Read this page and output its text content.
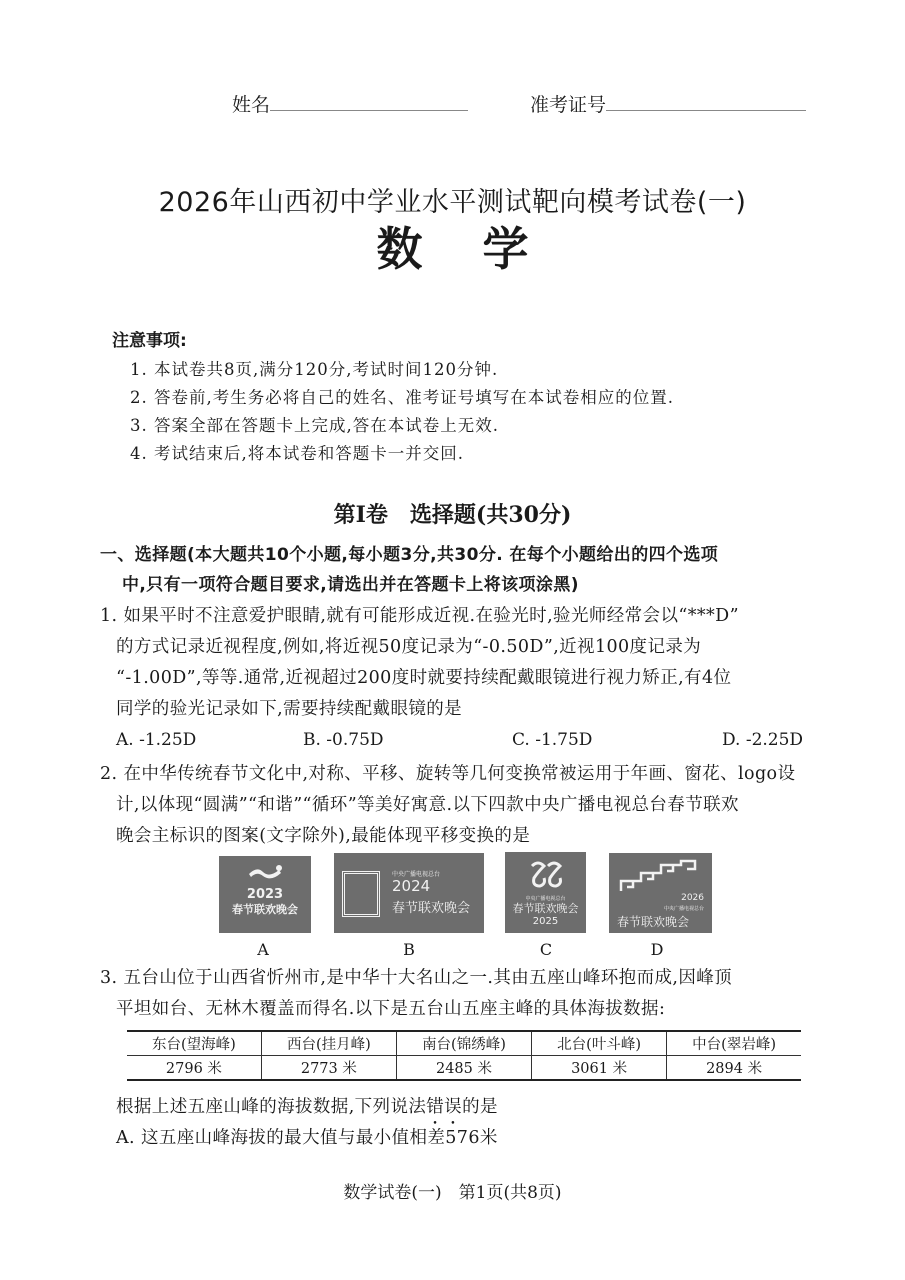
姓名	准考证号
2026年山西初中学业水平测试靶向模考试卷(一)
数学
注意事项:
1. 本试卷共8页,满分120分,考试时间120分钟.
2. 答卷前,考生务必将自己的姓名、准考证号填写在本试卷相应的位置.
3. 答案全部在答题卡上完成,答在本试卷上无效.
4. 考试结束后,将本试卷和答题卡一并交回.
第Ⅰ卷　选择题(共30分)
一、选择题(本大题共10个小题,每小题3分,共30分. 在每个小题给出的四个选项
中,只有一项符合题目要求,请选出并在答题卡上将该项涂黑)
1. 如果平时不注意爱护眼睛,就有可能形成近视.在验光时,验光师经常会以“***D”
的方式记录近视程度,例如,将近视50度记录为“-0.50D”,近视100度记录为
“-1.00D”,等等.通常,近视超过200度时就要持续配戴眼镜进行视力矫正,有4位
同学的验光记录如下,需要持续配戴眼镜的是
A. -1.25D	B. -0.75D	C. -1.75D	D. -2.25D
2. 在中华传统春节文化中,对称、平移、旋转等几何变换常被运用于年画、窗花、logo设
计,以体现“圆满”“和谐”“循环”等美好寓意.以下四款中央广播电视总台春节联欢
晚会主标识的图案(文字除外),最能体现平移变换的是
2023
春节联欢晚会
中央广播电视总台
2024
春节联欢晚会
中央广播电视总台
春节联欢晚会
2025
2026
中央广播电视总台
春节联欢晚会
A	B	C	D
3. 五台山位于山西省忻州市,是中华十大名山之一.其由五座山峰环抱而成,因峰顶
平坦如台、无林木覆盖而得名.以下是五台山五座主峰的具体海拔数据:
东台(望海峰)	西台(挂月峰)	南台(锦绣峰)	北台(叶斗峰)	中台(翠岩峰)
2796 米	2773 米	2485 米	3061 米	2894 米
根据上述五座山峰的海拔数据,下列说法错误的是
A. 这五座山峰海拔的最大值与最小值相差576米
数学试卷(一)　第1页(共8页)
